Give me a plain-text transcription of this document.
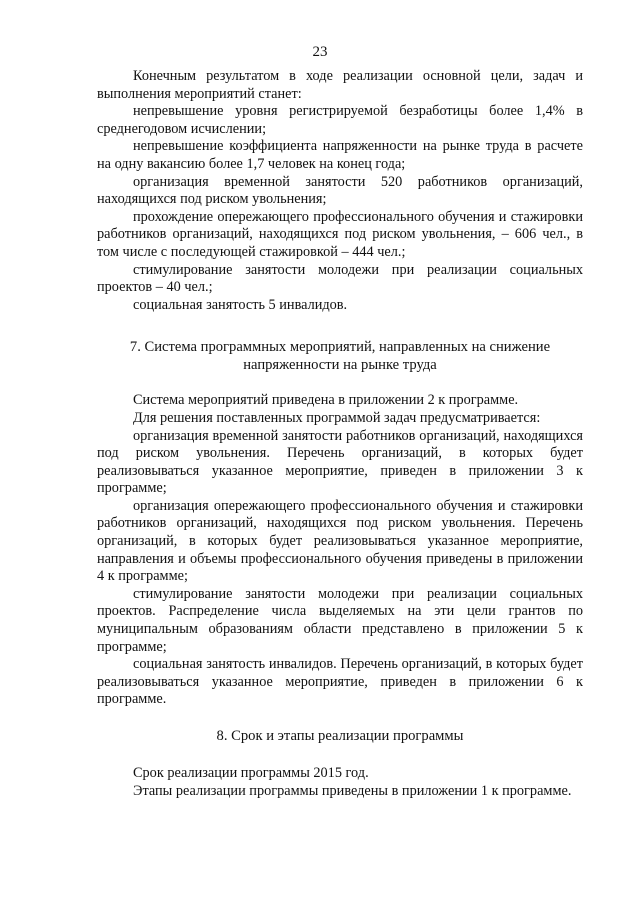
23

Конечным результатом в ходе реализации основной цели, задач и выполнения мероприятий станет:

непревышение уровня регистрируемой безработицы более 1,4% в среднегодовом исчислении;

непревышение коэффициента напряженности на рынке труда в расчете на одну вакансию более 1,7 человек на конец года;

организация временной занятости 520 работников организаций, находящихся под риском увольнения;

прохождение опережающего профессионального обучения и стажировки работников организаций, находящихся под риском увольнения, – 606 чел., в том числе с последующей стажировкой – 444 чел.;

стимулирование занятости молодежи при реализации социальных проектов – 40 чел.;

социальная занятость 5 инвалидов.

7. Система программных мероприятий, направленных на снижение
напряженности на рынке труда

Система мероприятий приведена в приложении 2 к программе.

Для решения поставленных программой задач предусматривается:

организация временной занятости работников организаций, находящихся под риском увольнения. Перечень организаций, в которых будет реализовываться указанное мероприятие, приведен в приложении 3 к программе;

организация опережающего профессионального обучения и стажировки работников организаций, находящихся под риском увольнения. Перечень организаций, в которых будет реализовываться указанное мероприятие, направления и объемы профессионального обучения приведены в приложении 4 к программе;

стимулирование занятости молодежи при реализации социальных проектов. Распределение числа выделяемых на эти цели грантов по муниципальным образованиям области представлено в приложении 5 к программе;

социальная занятость инвалидов. Перечень организаций, в которых будет реализовываться указанное мероприятие, приведен в приложении 6 к программе.

8. Срок и этапы реализации программы

Срок реализации программы 2015 год.

Этапы реализации программы приведены в приложении 1 к программе.
